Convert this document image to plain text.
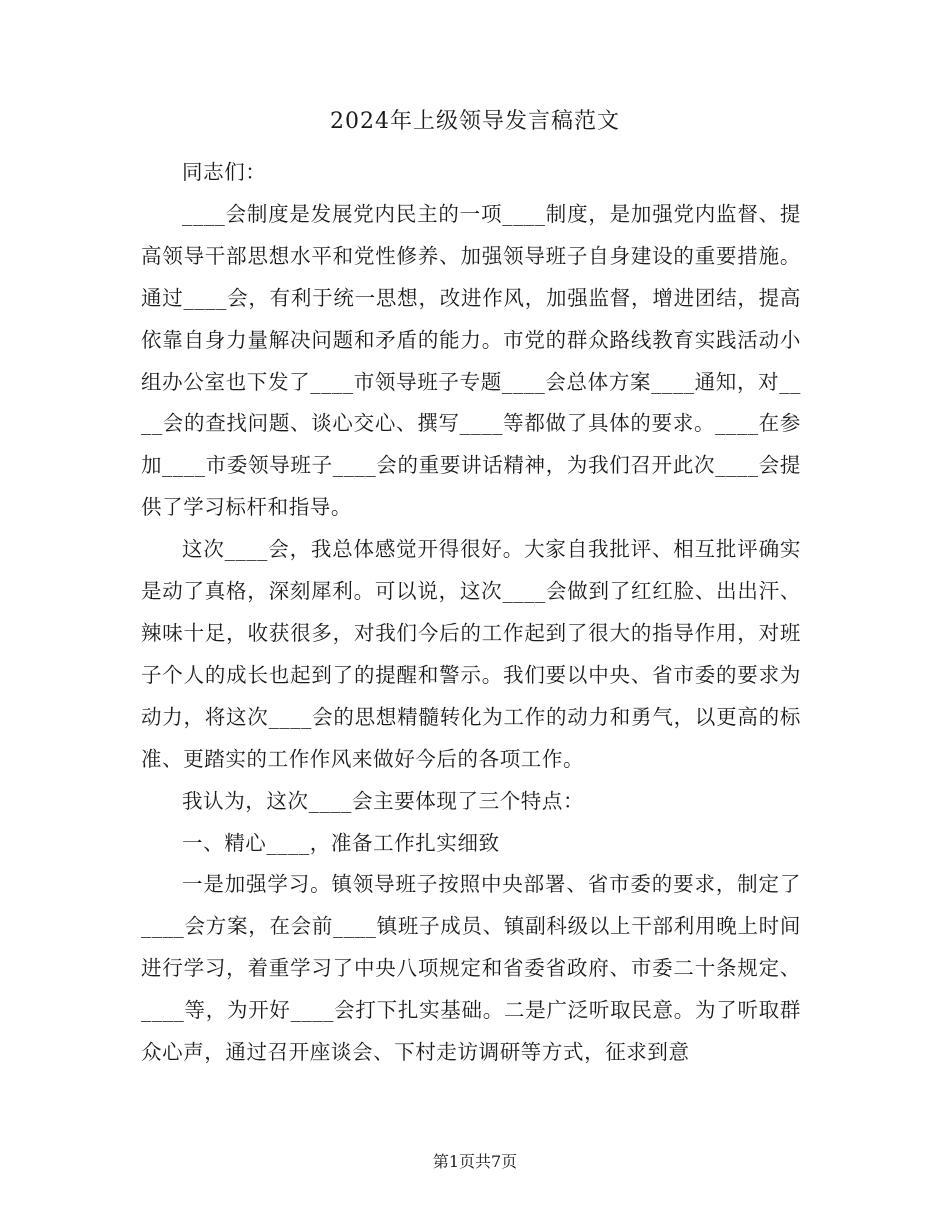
2024年上级领导发言稿范文

同志们：

____会制度是发展党内民主的一项____制度，是加强党内监督、提高领导干部思想水平和党性修养、加强领导班子自身建设的重要措施。通过____会，有利于统一思想，改进作风，加强监督，增进团结，提高依靠自身力量解决问题和矛盾的能力。市党的群众路线教育实践活动小组办公室也下发了____市领导班子专题____会总体方案____通知，对____会的查找问题、谈心交心、撰写____等都做了具体的要求。____在参加____市委领导班子____会的重要讲话精神，为我们召开此次____会提供了学习标杆和指导。

这次____会，我总体感觉开得很好。大家自我批评、相互批评确实是动了真格，深刻犀利。可以说，这次____会做到了红红脸、出出汗、辣味十足，收获很多，对我们今后的工作起到了很大的指导作用，对班子个人的成长也起到了的提醒和警示。我们要以中央、省市委的要求为动力，将这次____会的思想精髓转化为工作的动力和勇气，以更高的标准、更踏实的工作作风来做好今后的各项工作。

我认为，这次____会主要体现了三个特点：

一、精心____，准备工作扎实细致

一是加强学习。镇领导班子按照中央部署、省市委的要求，制定了____会方案，在会前____镇班子成员、镇副科级以上干部利用晚上时间进行学习，着重学习了中央八项规定和省委省政府、市委二十条规定、____等，为开好____会打下扎实基础。二是广泛听取民意。为了听取群众心声，通过召开座谈会、下村走访调研等方式，征求到意

第1页共7页
